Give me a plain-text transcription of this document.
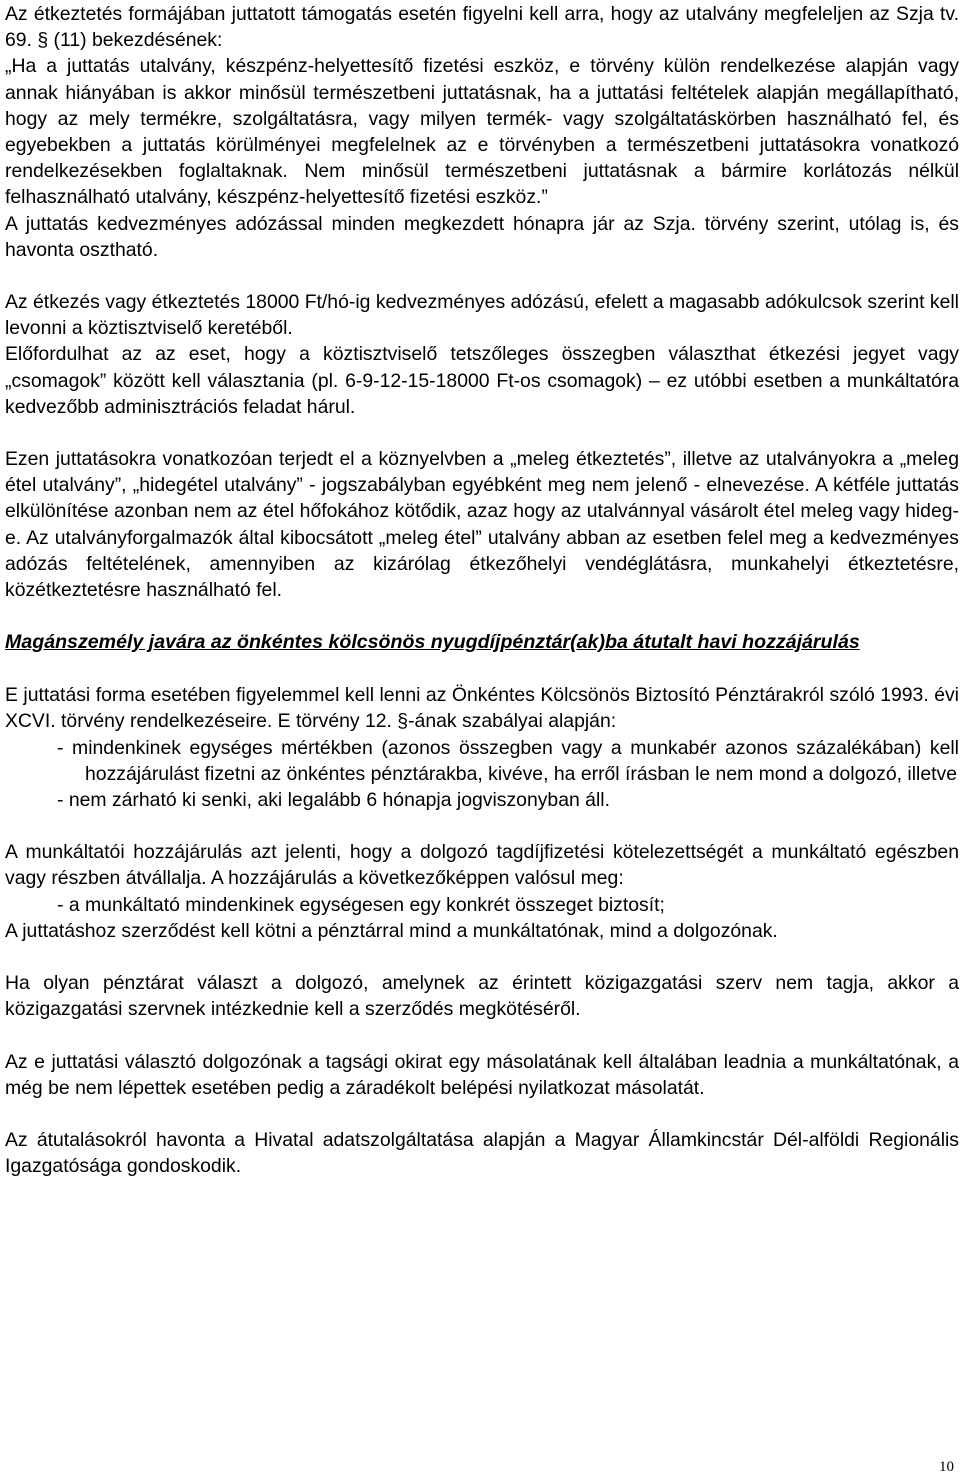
Az étkeztetés formájában juttatott támogatás esetén figyelni kell arra, hogy az utalvány megfeleljen az Szja tv. 69. § (11) bekezdésének:

„Ha a juttatás utalvány, készpénz-helyettesítő fizetési eszköz, e törvény külön rendelkezése alapján vagy annak hiányában is akkor minősül természetbeni juttatásnak, ha a juttatási feltételek alapján megállapítható, hogy az mely termékre, szolgáltatásra, vagy milyen termék- vagy szolgáltatáskörben használható fel, és egyebekben a juttatás körülményei megfelelnek az e törvényben a természetbeni juttatásokra vonatkozó rendelkezésekben foglaltaknak. Nem minősül természetbeni juttatásnak a bármire korlátozás nélkül felhasználható utalvány, készpénz-helyettesítő fizetési eszköz.”

A juttatás kedvezményes adózással minden megkezdett hónapra jár az Szja. törvény szerint, utólag is, és havonta osztható.

Az étkezés vagy étkeztetés 18000 Ft/hó-ig kedvezményes adózású, efelett a magasabb adókulcsok szerint kell levonni a köztisztviselő keretéből.

Előfordulhat az az eset, hogy a köztisztviselő tetszőleges összegben választhat étkezési jegyet vagy „csomagok” között kell választania (pl. 6-9-12-15-18000 Ft-os csomagok) – ez utóbbi esetben a munkáltatóra kedvezőbb adminisztrációs feladat hárul.

Ezen juttatásokra vonatkozóan terjedt el a köznyelvben a „meleg étkeztetés”, illetve az utalványokra a „meleg étel utalvány”, „hidegétel utalvány” - jogszabályban egyébként meg nem jelenő - elnevezése. A kétféle juttatás elkülönítése azonban nem az étel hőfokához kötődik, azaz hogy az utalvánnyal vásárolt étel meleg vagy hideg-e. Az utalványforgalmazók által kibocsátott „meleg étel” utalvány abban az esetben felel meg a kedvezményes adózás feltételének, amennyiben az kizárólag étkezőhelyi vendéglátásra, munkahelyi étkeztetésre, közétkeztetésre használható fel.

Magánszemély javára az önkéntes kölcsönös nyugdíjpénztár(ak)ba átutalt havi hozzájárulás

E juttatási forma esetében figyelemmel kell lenni az Önkéntes Kölcsönös Biztosító Pénztárakról szóló 1993. évi XCVI. törvény rendelkezéseire. E törvény 12. §-ának szabályai alapján:

- mindenkinek egységes mértékben (azonos összegben vagy a munkabér azonos százalékában) kell hozzájárulást fizetni az önkéntes pénztárakba, kivéve, ha erről írásban le nem mond a dolgozó, illetve

- nem zárható ki senki, aki legalább 6 hónapja jogviszonyban áll.

A munkáltatói hozzájárulás azt jelenti, hogy a dolgozó tagdíjfizetési kötelezettségét a munkáltató egészben vagy részben átvállalja. A hozzájárulás a következőképpen valósul meg:

- a munkáltató mindenkinek egységesen egy konkrét összeget biztosít;

A juttatáshoz szerződést kell kötni a pénztárral mind a munkáltatónak, mind a dolgozónak.

Ha olyan pénztárat választ a dolgozó, amelynek az érintett közigazgatási szerv nem tagja, akkor a közigazgatási szervnek intézkednie kell a szerződés megkötéséről.

Az e juttatási választó dolgozónak a tagsági okirat egy másolatának kell általában leadnia a munkáltatónak, a még be nem lépettek esetében pedig a záradékolt belépési nyilatkozat másolatát.

Az átutalásokról havonta a Hivatal adatszolgáltatása alapján a Magyar Államkincstár Dél-alföldi Regionális Igazgatósága gondoskodik.

10
